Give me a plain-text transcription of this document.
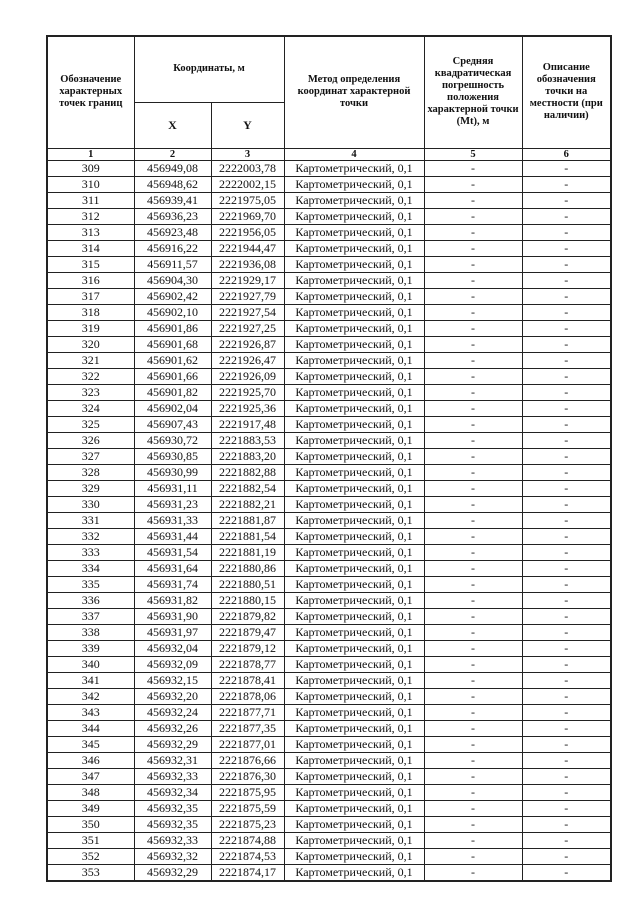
Обозначение характерных точек границ	Координаты, м		Метод определения координат характерной точки	Средняя квадратическая погрешность положения характерной точки (Mt), м	Описание обозначения точки на местности (при наличии)
	X	Y			
1	2	3	4	5	6
309	456949,08	2222003,78	Картометрический, 0,1	-	-
310	456948,62	2222002,15	Картометрический, 0,1	-	-
311	456939,41	2221975,05	Картометрический, 0,1	-	-
312	456936,23	2221969,70	Картометрический, 0,1	-	-
313	456923,48	2221956,05	Картометрический, 0,1	-	-
314	456916,22	2221944,47	Картометрический, 0,1	-	-
315	456911,57	2221936,08	Картометрический, 0,1	-	-
316	456904,30	2221929,17	Картометрический, 0,1	-	-
317	456902,42	2221927,79	Картометрический, 0,1	-	-
318	456902,10	2221927,54	Картометрический, 0,1	-	-
319	456901,86	2221927,25	Картометрический, 0,1	-	-
320	456901,68	2221926,87	Картометрический, 0,1	-	-
321	456901,62	2221926,47	Картометрический, 0,1	-	-
322	456901,66	2221926,09	Картометрический, 0,1	-	-
323	456901,82	2221925,70	Картометрический, 0,1	-	-
324	456902,04	2221925,36	Картометрический, 0,1	-	-
325	456907,43	2221917,48	Картометрический, 0,1	-	-
326	456930,72	2221883,53	Картометрический, 0,1	-	-
327	456930,85	2221883,20	Картометрический, 0,1	-	-
328	456930,99	2221882,88	Картометрический, 0,1	-	-
329	456931,11	2221882,54	Картометрический, 0,1	-	-
330	456931,23	2221882,21	Картометрический, 0,1	-	-
331	456931,33	2221881,87	Картометрический, 0,1	-	-
332	456931,44	2221881,54	Картометрический, 0,1	-	-
333	456931,54	2221881,19	Картометрический, 0,1	-	-
334	456931,64	2221880,86	Картометрический, 0,1	-	-
335	456931,74	2221880,51	Картометрический, 0,1	-	-
336	456931,82	2221880,15	Картометрический, 0,1	-	-
337	456931,90	2221879,82	Картометрический, 0,1	-	-
338	456931,97	2221879,47	Картометрический, 0,1	-	-
339	456932,04	2221879,12	Картометрический, 0,1	-	-
340	456932,09	2221878,77	Картометрический, 0,1	-	-
341	456932,15	2221878,41	Картометрический, 0,1	-	-
342	456932,20	2221878,06	Картометрический, 0,1	-	-
343	456932,24	2221877,71	Картометрический, 0,1	-	-
344	456932,26	2221877,35	Картометрический, 0,1	-	-
345	456932,29	2221877,01	Картометрический, 0,1	-	-
346	456932,31	2221876,66	Картометрический, 0,1	-	-
347	456932,33	2221876,30	Картометрический, 0,1	-	-
348	456932,34	2221875,95	Картометрический, 0,1	-	-
349	456932,35	2221875,59	Картометрический, 0,1	-	-
350	456932,35	2221875,23	Картометрический, 0,1	-	-
351	456932,33	2221874,88	Картометрический, 0,1	-	-
352	456932,32	2221874,53	Картометрический, 0,1	-	-
353	456932,29	2221874,17	Картометрический, 0,1	-	-
